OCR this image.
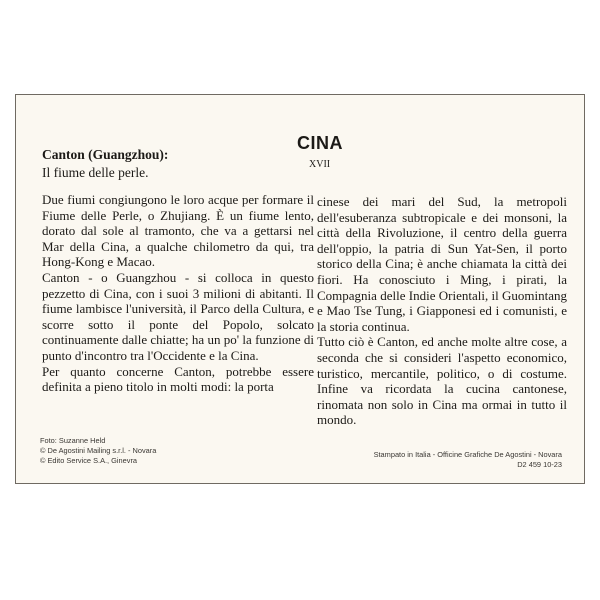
CINA
XVII
Canton (Guangzhou):
Il fiume delle perle.

Due fiumi congiungono le loro acque per formare il Fiume delle Perle, o Zhujiang. È un fiume lento, dorato dal sole al tramonto, che va a gettarsi nel Mar della Cina, a qualche chilometro da qui, tra Hong-Kong e Macao.

Canton - o Guangzhou - si colloca in questo pezzetto di Cina, con i suoi 3 milioni di abitanti. Il fiume lambisce l'università, il Parco della Cultura, e scorre sotto il ponte del Popolo, solcato continuamente dalle chiatte; ha un po' la funzione di punto d'incontro tra l'Occidente e la Cina.

Per quanto concerne Canton, potrebbe essere definita a pieno titolo in molti modi: la porta

cinese dei mari del Sud, la metropoli dell'esuberanza subtropicale e dei monsoni, la città della Rivoluzione, il centro della guerra dell'oppio, la patria di Sun Yat-Sen, il porto storico della Cina; è anche chiamata la città dei fiori. Ha conosciuto i Ming, i pirati, la Compagnia delle Indie Orientali, il Guomintang e Mao Tse Tung, i Giapponesi ed i comunisti, e la storia continua.

Tutto ciò è Canton, ed anche molte altre cose, a seconda che si consideri l'aspetto economico, turistico, mercantile, politico, o di costume. Infine va ricordata la cucina cantonese, rinomata non solo in Cina ma ormai in tutto il mondo.

Foto: Suzanne Held
© De Agostini Mailing s.r.l. - Novara
© Edito Service S.A., Ginevra
Stampato in Italia - Officine Grafiche De Agostini - Novara
D2 459 10-23
